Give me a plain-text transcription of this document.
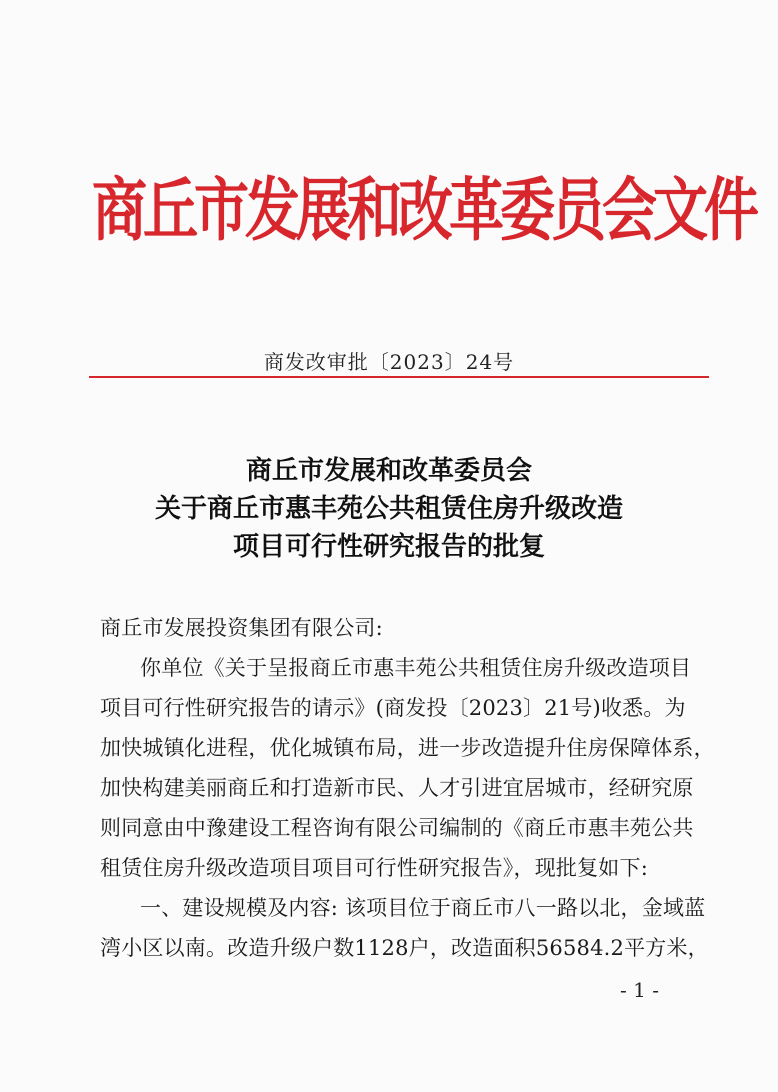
商丘市发展和改革委员会文件
商发改审批〔2023〕24号
商丘市发展和改革委员会
关于商丘市惠丰苑公共租赁住房升级改造
项目可行性研究报告的批复
商丘市发展投资集团有限公司:
你单位《关于呈报商丘市惠丰苑公共租赁住房升级改造项目
项目可行性研究报告的请示》(商发投〔2023〕21号)收悉。为
加快城镇化进程，优化城镇布局，进一步改造提升住房保障体系，
加快构建美丽商丘和打造新市民、人才引进宜居城市，经研究原
则同意由中豫建设工程咨询有限公司编制的《商丘市惠丰苑公共
租赁住房升级改造项目项目可行性研究报告》，现批复如下:
一、建设规模及内容: 该项目位于商丘市八一路以北，金域蓝
湾小区以南。改造升级户数1128户，改造面积56584.2平方米，
- 1 -
